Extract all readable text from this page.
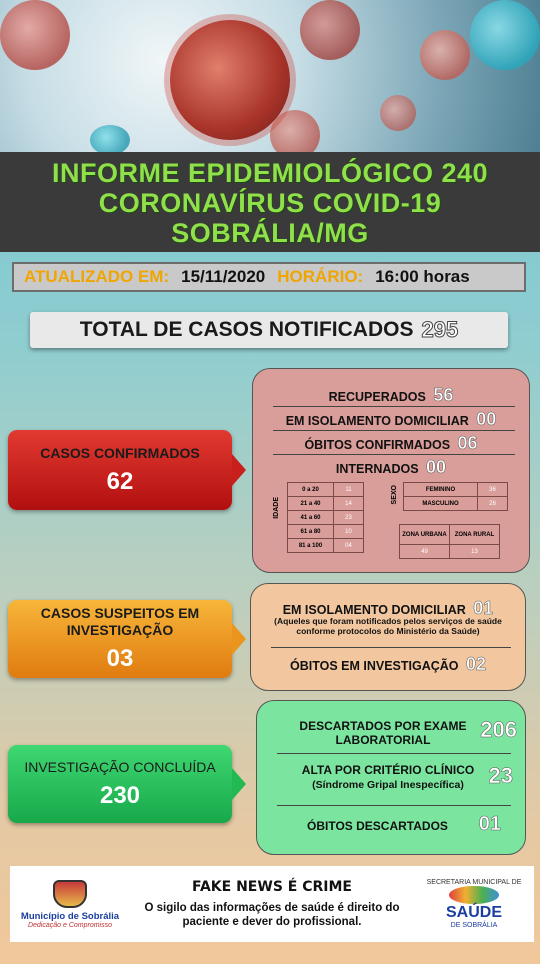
INFORME EPIDEMIOLÓGICO 240
CORONAVÍRUS COVID-19
SOBRÁLIA/MG
ATUALIZADO EM: 15/11/2020 HORÁRIO: 16:00 horas
TOTAL DE CASOS NOTIFICADOS 295
CASOS CONFIRMADOS
62
RECUPERADOS 56
EM ISOLAMENTO DOMICILIAR 00
ÓBITOS CONFIRMADOS 06
INTERNADOS 00
IDADE
0 a 20	11
21 a 40	14
41 a 60	23
61 a 80	10
81 a 100	04
SEXO	FEMININO	36
MASCULINO	26
ZONA URBANA	ZONA RURAL
49	13
CASOS SUSPEITOS EM INVESTIGAÇÃO
03
EM ISOLAMENTO DOMICILIAR 01
(Aqueles que foram notificados pelos serviços de saúde conforme protocolos do Ministério da Saúde)
ÓBITOS EM INVESTIGAÇÃO 02
INVESTIGAÇÃO CONCLUÍDA
230
DESCARTADOS POR EXAME LABORATORIAL	206
ALTA POR CRITÉRIO CLÍNICO
(Síndrome Gripal Inespecífica)	23
ÓBITOS DESCARTADOS 01
Município de Sobrália
Dedicação e Compromisso
FAKE NEWS É CRIME
O sigilo das informações de saúde é direito do paciente e dever do profissional.
SECRETARIA MUNICIPAL DE
SAÚDE
DE SOBRÁLIA
